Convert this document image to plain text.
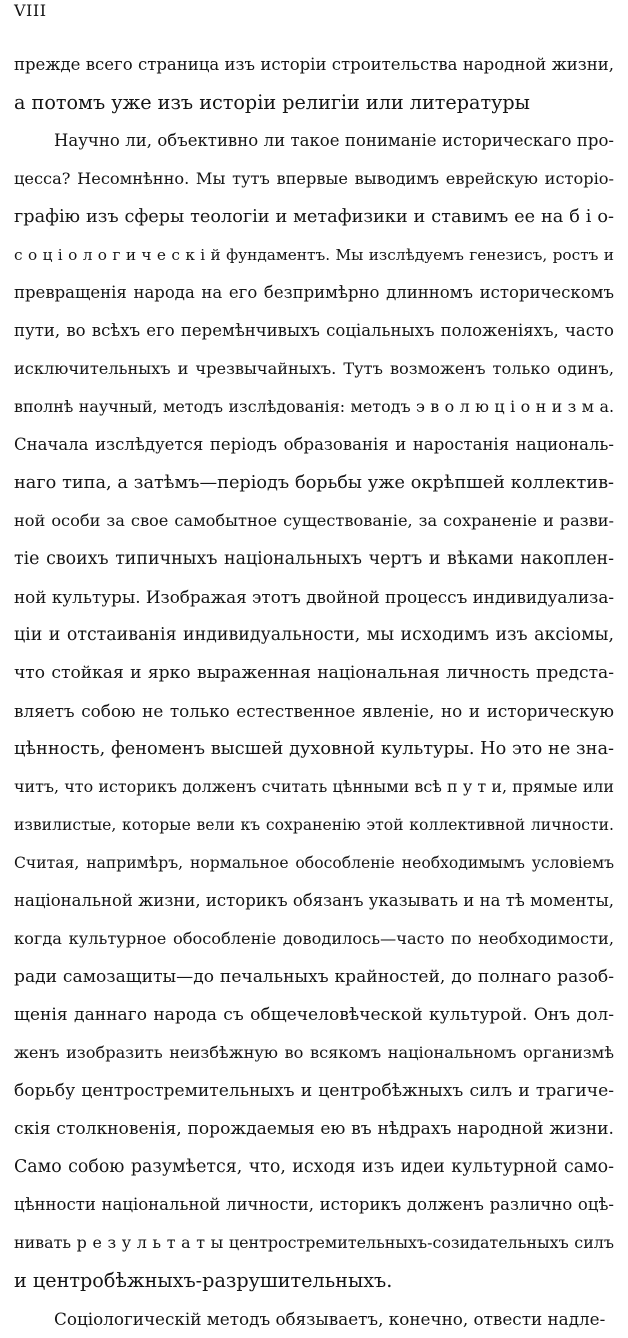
VIII
прежде всего страница изъ исторіи строительства народной жизни,
а потомъ уже изъ исторіи религіи или литературы
Научно ли, объективно ли такое пониманіе историческаго про-
цесса? Несомнѣнно. Мы тутъ впервые выводимъ еврейскую исторіо-
графію изъ сферы теологіи и метафизики и ставимъ ее на б і о-
с о ц і о л о г и ч е с к і й фундаментъ. Мы изслѣдуемъ генезисъ, ростъ и
превращенія народа на его безпримѣрно длинномъ историческомъ
пути, во всѣхъ его перемѣнчивыхъ соціальныхъ положеніяхъ, часто
исключительныхъ и чрезвычайныхъ. Тутъ возможенъ только одинъ,
вполнѣ научный, методъ изслѣдованія: методъ э в о л ю ц і о н и з м а.
Сначала изслѣдуется періодъ образованія и наростанія националь-
наго типа, а затѣмъ—періодъ борьбы уже окрѣпшей коллектив-
ной особи за свое самобытное существованіе, за сохраненіе и разви-
тіе своихъ типичныхъ національныхъ чертъ и вѣками накоплен-
ной культуры. Изображая этотъ двойной процессъ индивидуализа-
ціи и отстаиванія индивидуальности, мы исходимъ изъ аксіомы,
что стойкая и ярко выраженная національная личность предста-
вляетъ собою не только естественное явленіе, но и историческую
цѣнность, феноменъ высшей духовной культуры. Но это не зна-
читъ, что историкъ долженъ считать цѣнными всѣ п у т и, прямые или
извилистые, которые вели къ сохраненію этой коллективной личности.
Считая, напримѣръ, нормальное обособленіе необходимымъ условіемъ
національной жизни, историкъ обязанъ указывать и на тѣ моменты,
когда культурное обособленіе доводилось—часто по необходимости,
ради самозащиты—до печальныхъ крайностей, до полнаго разоб-
щенія даннаго народа съ общечеловѣческой культурой. Онъ дол-
женъ изобразить неизбѣжную во всякомъ національномъ организмѣ
борьбу центростремительныхъ и центробѣжныхъ силъ и трагиче-
скія столкновенія, порождаемыя ею въ нѣдрахъ народной жизни.
Само собою разумѣется, что, исходя изъ идеи культурной само-
цѣнности національной личности, историкъ долженъ различно оцѣ-
нивать р е з у л ь т а т ы центростремительныхъ-созидательныхъ силъ
и центробѣжныхъ-разрушительныхъ.
Соціологическій методъ обязываетъ, конечно, отвести надле-
